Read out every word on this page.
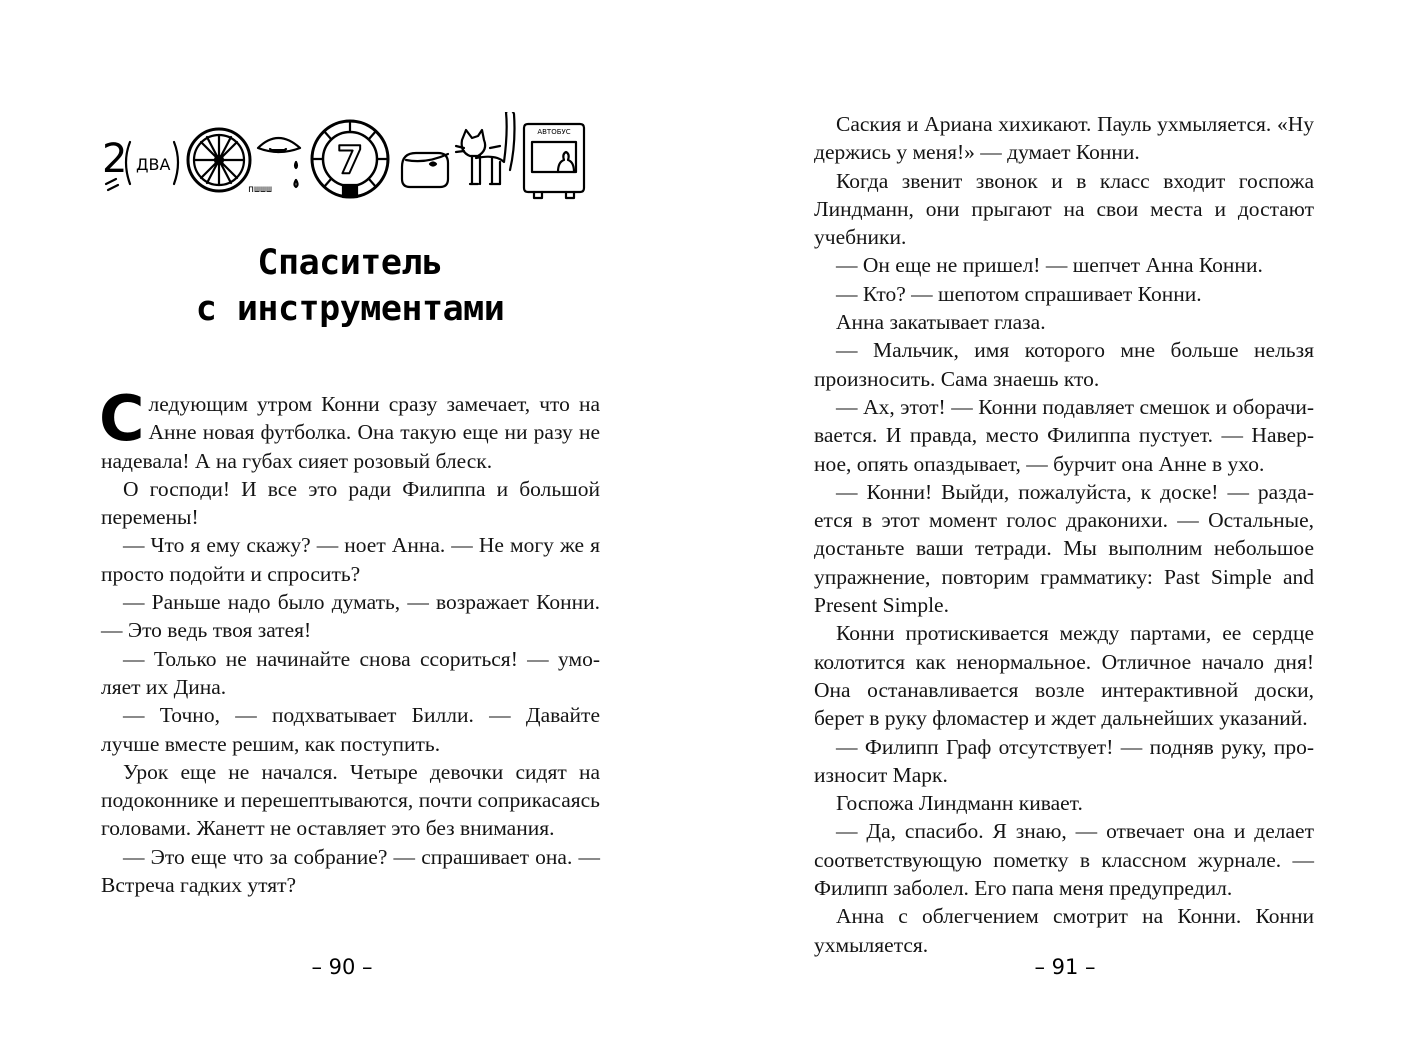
2 ДВА
пшшш
7
АВТОБУС
Спаситель
с инструментами

Следующим утром Конни сразу замечает, что на Анне новая футболка. Она такую еще ни разу не надевала! А на губах сияет розовый блеск.

О господи! И все это ради Филиппа и большой перемены!

— Что я ему скажу? — ноет Анна. — Не могу же я просто подойти и спросить?

— Раньше надо было думать, — возражает Конни. — Это ведь твоя затея!

— Только не начинайте снова ссориться! — умоляет их Дина.

— Точно, — подхватывает Билли. — Давайте лучше вместе решим, как поступить.

Урок еще не начался. Четыре девочки сидят на подоконнике и перешептываются, почти соприкасаясь головами. Жанетт не оставляет это без внимания.

— Это еще что за собрание? — спрашивает она. — Встреча гадких утят?

– 90 –

Саския и Ариана хихикают. Пауль ухмыляется. «Ну держись у меня!» — думает Конни.

Когда звенит звонок и в класс входит госпожа Линдманн, они прыгают на свои места и достают учебники.

— Он еще не пришел! — шепчет Анна Конни.

— Кто? — шепотом спрашивает Конни.

Анна закатывает глаза.

— Мальчик, имя которого мне больше нельзя произносить. Сама знаешь кто.

— Ах, этот! — Конни подавляет смешок и оборачивается. И правда, место Филиппа пустует. — Наверное, опять опаздывает, — бурчит она Анне в ухо.

— Конни! Выйди, пожалуйста, к доске! — раздается в этот момент голос драконихи. — Остальные, достаньте ваши тетради. Мы выполним небольшое упражнение, повторим грамматику: Past Simple and Present Simple.

Конни протискивается между партами, ее сердце колотится как ненормальное. Отличное начало дня! Она останавливается возле интерактивной доски, берет в руку фломастер и ждет дальнейших указаний.

— Филипп Граф отсутствует! — подняв руку, произносит Марк.

Госпожа Линдманн кивает.

— Да, спасибо. Я знаю, — отвечает она и делает соответствующую пометку в классном журнале. — Филипп заболел. Его папа меня предупредил.

Анна с облегчением смотрит на Конни. Конни ухмыляется.

– 91 –
